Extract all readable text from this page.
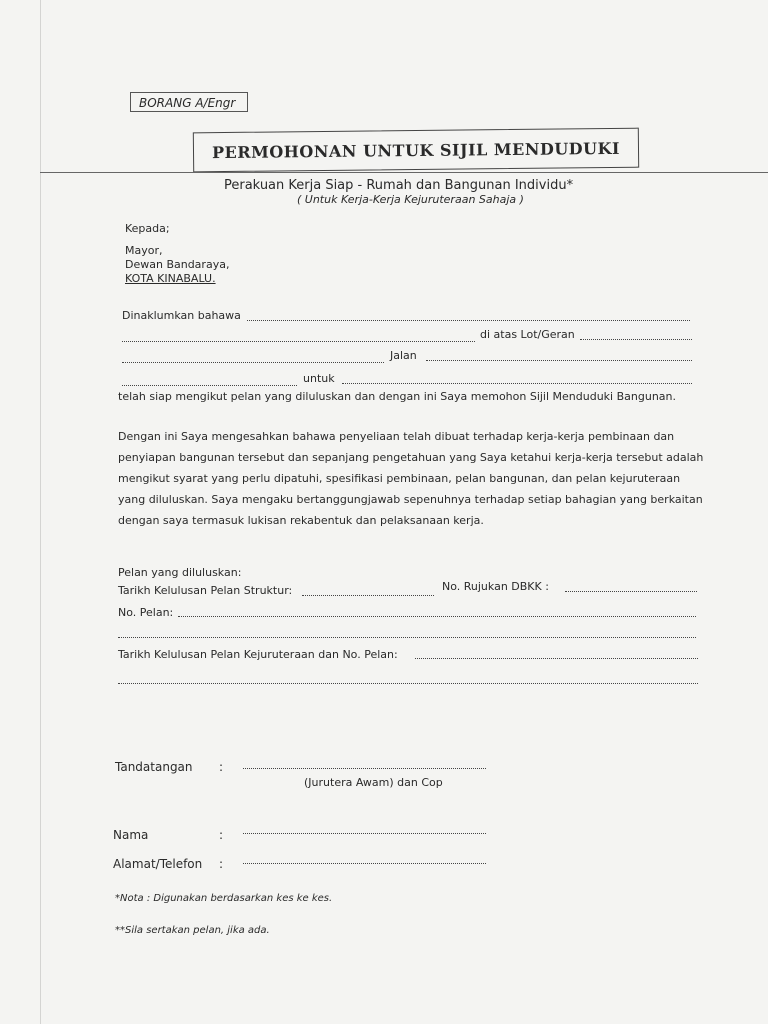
BORANG A/Engr
PERMOHONAN UNTUK SIJIL MENDUDUKI
Perakuan Kerja Siap - Rumah dan Bangunan Individu*
( Untuk Kerja-Kerja Kejuruteraan Sahaja )
Kepada;
Mayor,
Dewan Bandaraya,
KOTA KINABALU.
Dinaklumkan bahawa
di atas Lot/Geran
Jalan
untuk
telah siap mengikut pelan yang diluluskan dan dengan ini Saya memohon Sijil Menduduki Bangunan.
Dengan ini Saya mengesahkan bahawa penyeliaan telah dibuat terhadap kerja-kerja pembinaan dan penyiapan bangunan tersebut dan sepanjang pengetahuan yang Saya ketahui kerja-kerja tersebut adalah mengikut syarat yang perlu dipatuhi, spesifikasi pembinaan, pelan bangunan, dan pelan kejuruteraan yang diluluskan. Saya mengaku bertanggungjawab sepenuhnya terhadap setiap bahagian yang berkaitan dengan saya termasuk lukisan rekabentuk dan pelaksanaan kerja.
Pelan yang diluluskan:
Tarikh Kelulusan Pelan Struktur:	No. Rujukan DBKK :
No. Pelan:
Tarikh Kelulusan Pelan Kejuruteraan dan No. Pelan:
Tandatangan :
(Jurutera Awam) dan Cop
Nama	:
Alamat/Telefon :
*Nota : Digunakan berdasarkan kes ke kes.
**Sila sertakan pelan, jika ada.
